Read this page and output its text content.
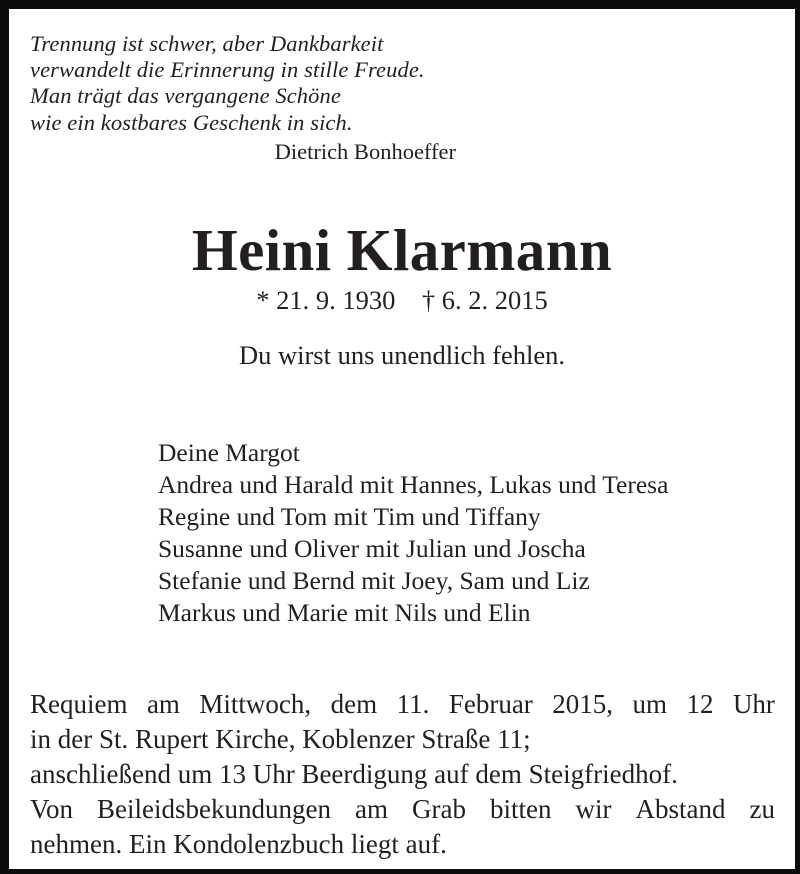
Trennung ist schwer, aber Dankbarkeit
verwandelt die Erinnerung in stille Freude.
Man trägt das vergangene Schöne
wie ein kostbares Geschenk in sich.
Dietrich Bonhoeffer
Heini Klarmann
* 21. 9. 1930    † 6. 2. 2015
Du wirst uns unendlich fehlen.
Deine Margot
Andrea und Harald mit Hannes, Lukas und Teresa
Regine und Tom mit Tim und Tiffany
Susanne und Oliver mit Julian und Joscha
Stefanie und Bernd mit Joey, Sam und Liz
Markus und Marie mit Nils und Elin
Requiem am Mittwoch, dem 11. Februar 2015, um 12 Uhr
in der St. Rupert Kirche, Koblenzer Straße 11;
anschließend um 13 Uhr Beerdigung auf dem Steigfriedhof.
Von Beileidsbekundungen am Grab bitten wir Abstand zu
nehmen. Ein Kondolenzbuch liegt auf.
